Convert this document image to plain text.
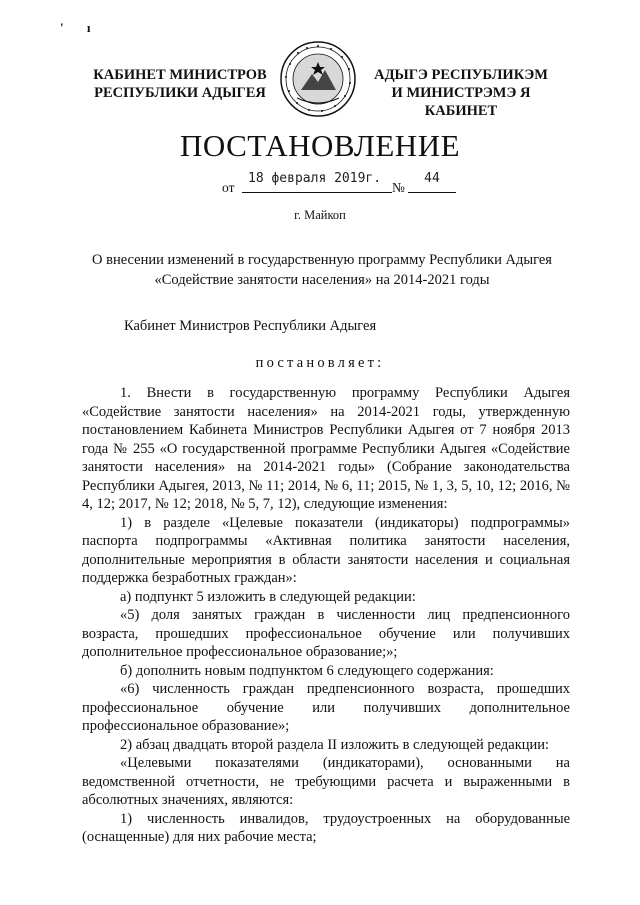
' ı
КАБИНЕТ МИНИСТРОВ
РЕСПУБЛИКИ АДЫГЕЯ
АДЫГЭ РЕСПУБЛИКЭМ
И МИНИСТРЭМЭ Я КАБИНЕТ
ПОСТАНОВЛЕНИЕ
от
18 февраля 2019г.
№
44
г. Майкоп
О внесении изменений в государственную программу Республики Адыгея
«Содействие занятости населения» на 2014-2021 годы
Кабинет Министров Республики Адыгея
постановляет:

1. Внести в государственную программу Республики Адыгея «Содействие занятости населения» на 2014-2021 годы, утвержденную постановлением Кабинета Министров Республики Адыгея от 7 ноября 2013 года № 255 «О государственной программе Республики Адыгея «Содействие занятости населения» на 2014-2021 годы» (Собрание законодательства Республики Адыгея, 2013, № 11; 2014, № 6, 11; 2015, № 1, 3, 5, 10, 12; 2016, № 4, 12; 2017, № 12; 2018, № 5, 7, 12), следующие изменения:

1) в разделе «Целевые показатели (индикаторы) подпрограммы» паспорта подпрограммы «Активная политика занятости населения, дополнительные мероприятия в области занятости населения и социальная поддержка безработных граждан»:

а) подпункт 5 изложить в следующей редакции:

«5) доля занятых граждан в численности лиц предпенсионного возраста, прошедших профессиональное обучение или получивших дополнительное профессиональное образование;»;

б) дополнить новым подпунктом 6 следующего содержания:

«6) численность граждан предпенсионного возраста, прошедших профессиональное обучение или получивших дополнительное профессиональное образование»;

2) абзац двадцать второй раздела II изложить в следующей редакции:

«Целевыми показателями (индикаторами), основанными на ведомственной отчетности, не требующими расчета и выраженными в абсолютных значениях, являются:

1) численность инвалидов, трудоустроенных на оборудованные (оснащенные) для них рабочие места;
